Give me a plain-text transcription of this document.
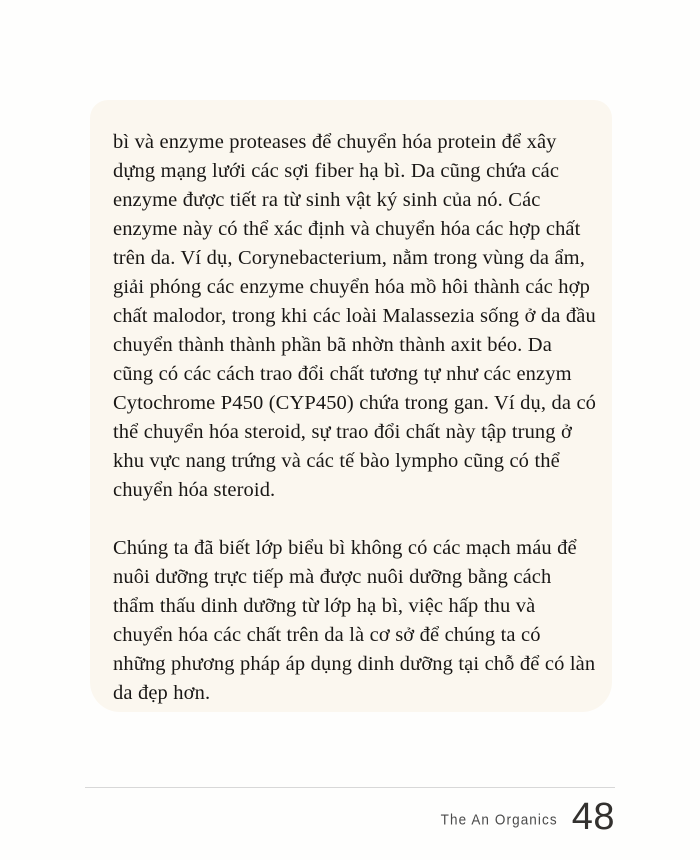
bì và enzyme proteases để chuyển hóa protein để xây dựng mạng lưới các sợi fiber hạ bì. Da cũng chứa các enzyme được tiết ra từ sinh vật ký sinh của nó. Các enzyme này có thể xác định và chuyển hóa các hợp chất trên da. Ví dụ, Corynebacterium, nằm trong vùng da ẩm, giải phóng các enzyme chuyển hóa mồ hôi thành các hợp chất malodor, trong khi các loài Malassezia sống ở da đầu chuyển thành thành phần bã nhờn thành axit béo. Da cũng có các cách trao đổi chất tương tự như các enzym Cytochrome P450 (CYP450) chứa trong gan. Ví dụ, da có thể chuyển hóa steroid, sự trao đổi chất này tập trung ở khu vực nang trứng và các tế bào lympho cũng có thể chuyển hóa steroid.

Chúng ta đã biết lớp biểu bì không có các mạch máu để nuôi dưỡng trực tiếp mà được nuôi dưỡng bằng cách thẩm thấu dinh dưỡng từ lớp hạ bì, việc hấp thu và chuyển hóa các chất trên da là cơ sở để chúng ta có những phương pháp áp dụng dinh dưỡng tại chỗ để có làn da đẹp hơn.

The An Organics 48
